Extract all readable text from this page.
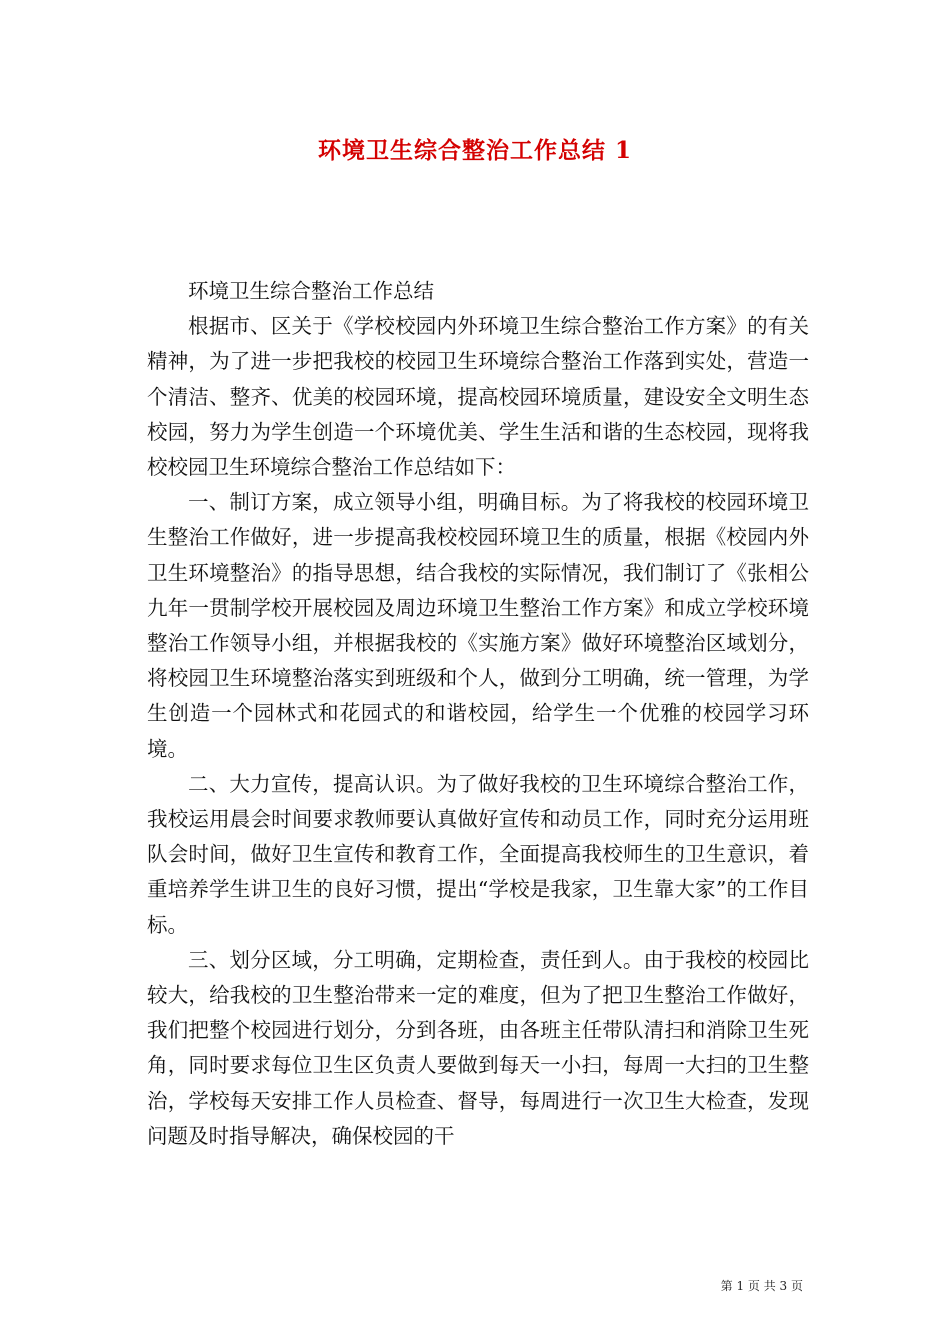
环境卫生综合整治工作总结 1

环境卫生综合整治工作总结

根据市、区关于《学校校园内外环境卫生综合整治工作方案》的有关精神，为了进一步把我校的校园卫生环境综合整治工作落到实处，营造一个清洁、整齐、优美的校园环境，提高校园环境质量，建设安全文明生态校园，努力为学生创造一个环境优美、学生生活和谐的生态校园，现将我校校园卫生环境综合整治工作总结如下：

一、制订方案，成立领导小组，明确目标。为了将我校的校园环境卫生整治工作做好，进一步提高我校校园环境卫生的质量，根据《校园内外卫生环境整治》的指导思想，结合我校的实际情况，我们制订了《张相公九年一贯制学校开展校园及周边环境卫生整治工作方案》和成立学校环境整治工作领导小组，并根据我校的《实施方案》做好环境整治区域划分，将校园卫生环境整治落实到班级和个人，做到分工明确，统一管理，为学生创造一个园林式和花园式的和谐校园，给学生一个优雅的校园学习环境。

二、大力宣传，提高认识。为了做好我校的卫生环境综合整治工作，我校运用晨会时间要求教师要认真做好宣传和动员工作，同时充分运用班队会时间，做好卫生宣传和教育工作，全面提高我校师生的卫生意识，着重培养学生讲卫生的良好习惯，提出“学校是我家，卫生靠大家”的工作目标。

三、划分区域，分工明确，定期检查，责任到人。由于我校的校园比较大，给我校的卫生整治带来一定的难度，但为了把卫生整治工作做好，我们把整个校园进行划分，分到各班，由各班主任带队清扫和消除卫生死角，同时要求每位卫生区负责人要做到每天一小扫，每周一大扫的卫生整治，学校每天安排工作人员检查、督导，每周进行一次卫生大检查，发现问题及时指导解决，确保校园的干

第 1 页 共 3 页
